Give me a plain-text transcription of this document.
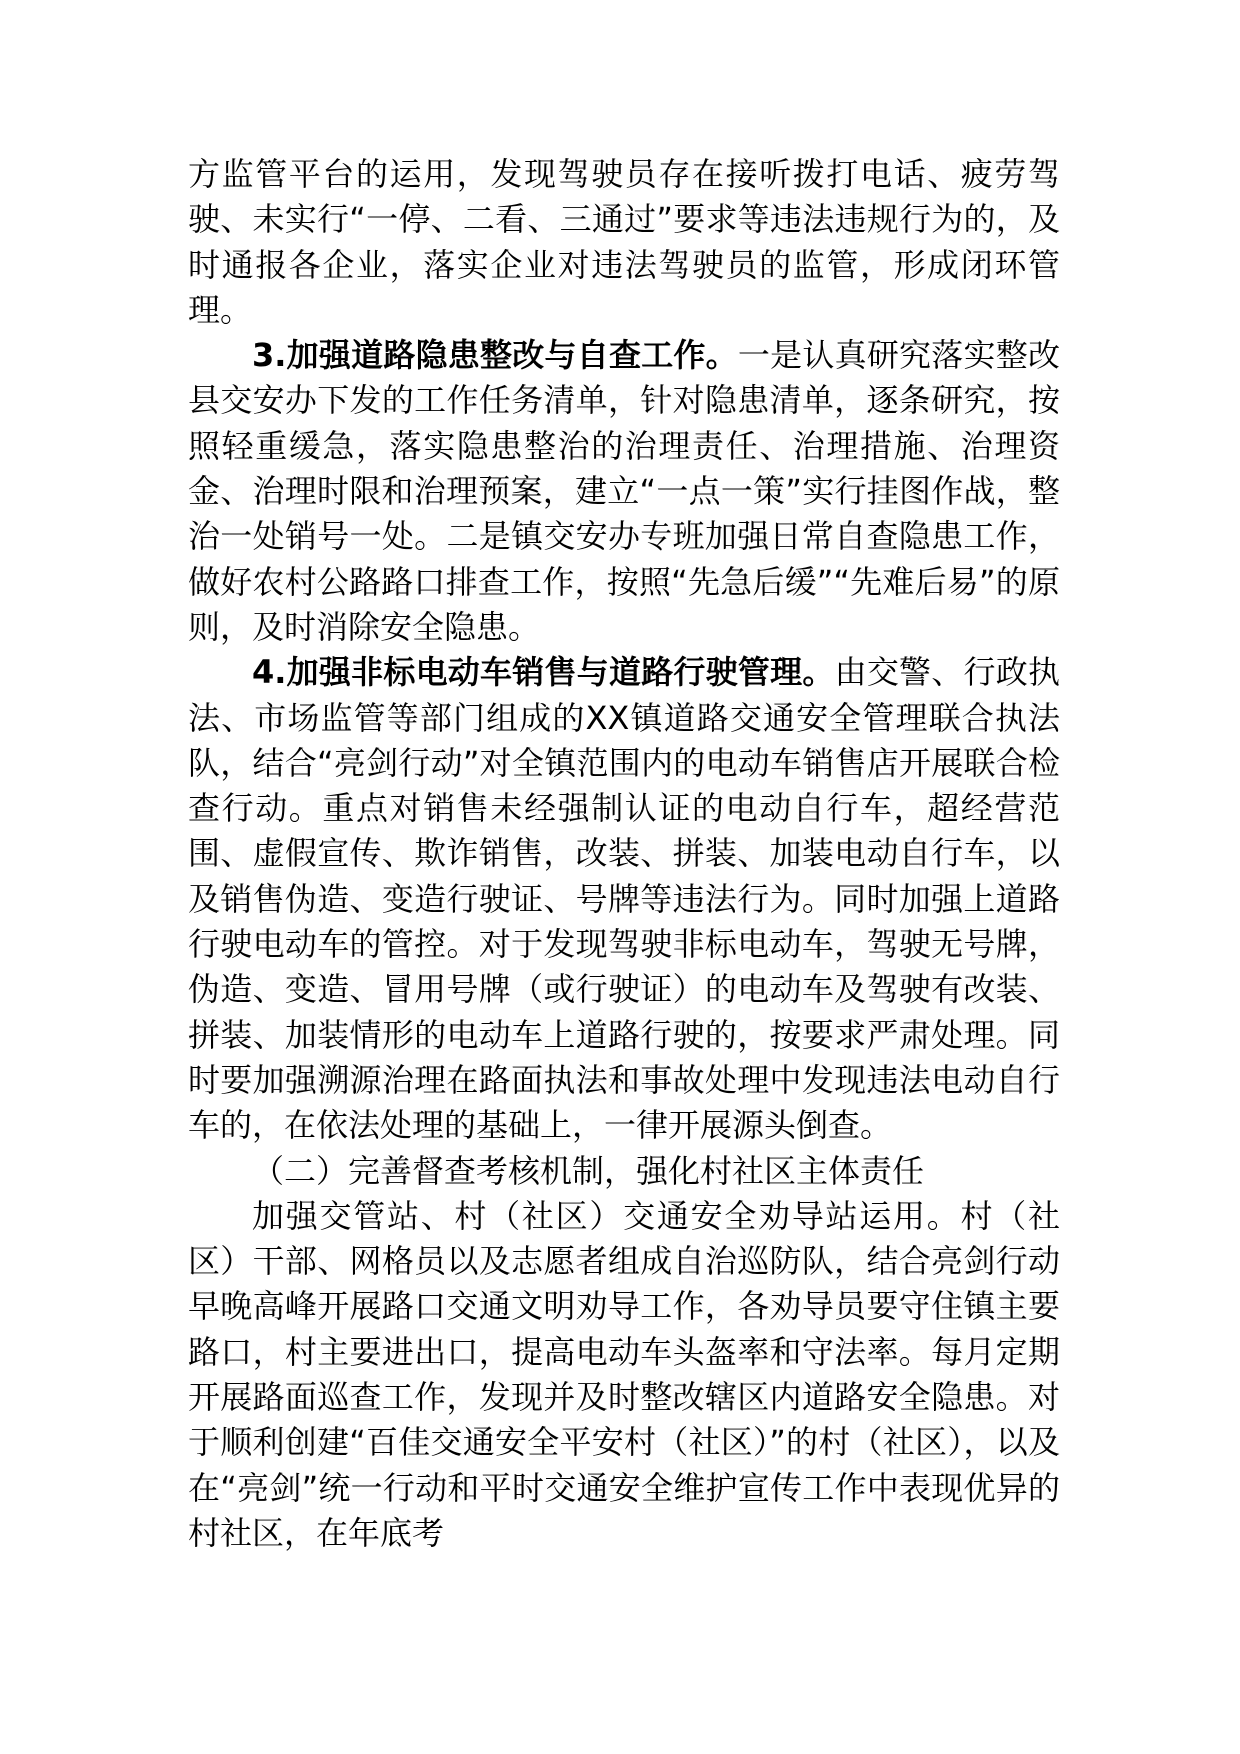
方监管平台的运用，发现驾驶员存在接听拨打电话、疲劳驾驶、未实行“一停、二看、三通过”要求等违法违规行为的，及时通报各企业，落实企业对违法驾驶员的监管，形成闭环管理。

3.加强道路隐患整改与自查工作。一是认真研究落实整改县交安办下发的工作任务清单，针对隐患清单，逐条研究，按照轻重缓急，落实隐患整治的治理责任、治理措施、治理资金、治理时限和治理预案，建立“一点一策”实行挂图作战，整治一处销号一处。二是镇交安办专班加强日常自查隐患工作，做好农村公路路口排查工作，按照“先急后缓”“先难后易”的原则，及时消除安全隐患。

4.加强非标电动车销售与道路行驶管理。由交警、行政执法、市场监管等部门组成的XX镇道路交通安全管理联合执法队，结合“亮剑行动”对全镇范围内的电动车销售店开展联合检查行动。重点对销售未经强制认证的电动自行车，超经营范围、虚假宣传、欺诈销售，改装、拼装、加装电动自行车，以及销售伪造、变造行驶证、号牌等违法行为。同时加强上道路行驶电动车的管控。对于发现驾驶非标电动车，驾驶无号牌，伪造、变造、冒用号牌（或行驶证）的电动车及驾驶有改装、拼装、加装情形的电动车上道路行驶的，按要求严肃处理。同时要加强溯源治理在路面执法和事故处理中发现违法电动自行车的，在依法处理的基础上，一律开展源头倒查。

（二）完善督查考核机制，强化村社区主体责任

加强交管站、村（社区）交通安全劝导站运用。村（社区）干部、网格员以及志愿者组成自治巡防队，结合亮剑行动早晚高峰开展路口交通文明劝导工作，各劝导员要守住镇主要路口，村主要进出口，提高电动车头盔率和守法率。每月定期开展路面巡查工作，发现并及时整改辖区内道路安全隐患。对于顺利创建“百佳交通安全平安村（社区）”的村（社区），以及在“亮剑”统一行动和平时交通安全维护宣传工作中表现优异的村社区，在年底考
